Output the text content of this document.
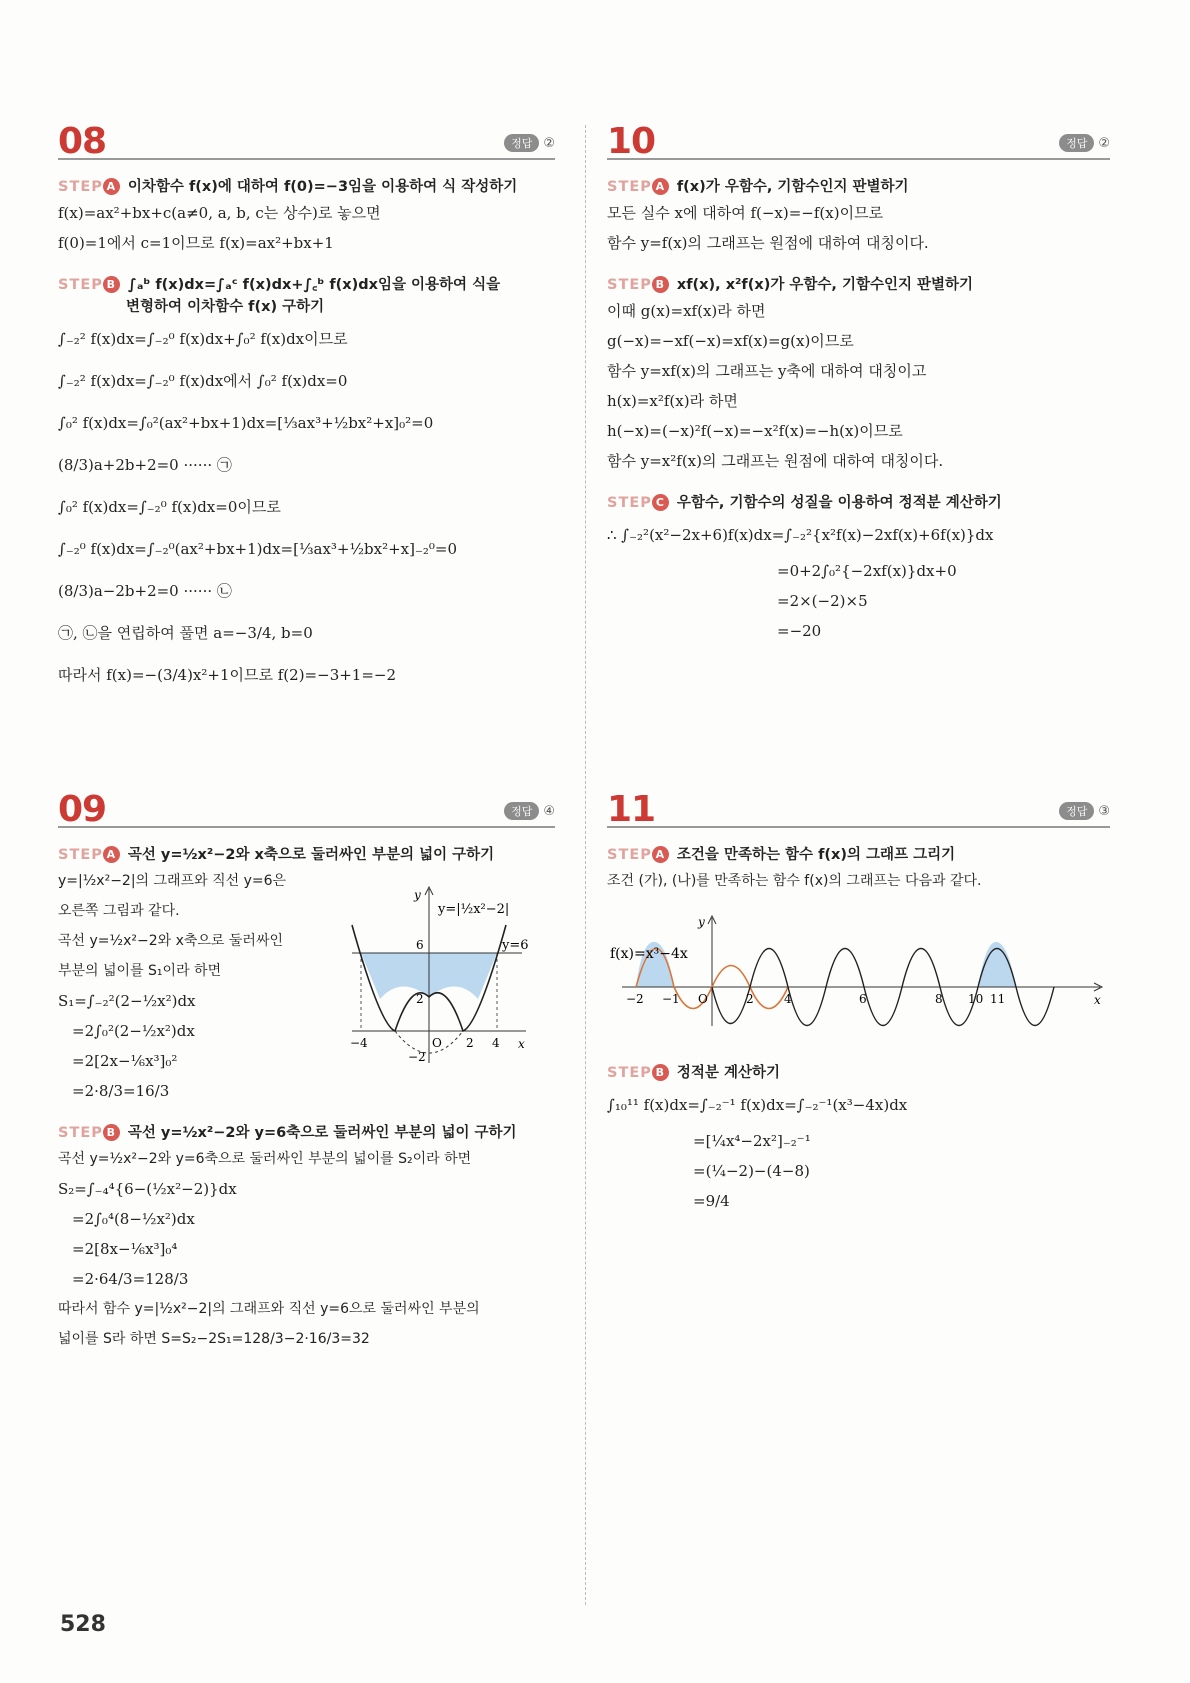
08	정답 ②
STEP A 이차함수 f(x)에 대하여 f(0)=−3임을 이용하여 식 작성하기
f(x)=ax²+bx+c(a≠0, a, b, c는 상수)로 놓으면
f(0)=1에서 c=1이므로 f(x)=ax²+bx+1
STEP B ∫ₐᵇ f(x)dx=∫ₐᶜ f(x)dx+∫꜀ᵇ f(x)dx임을 이용하여 식을
변형하여 이차함수 f(x) 구하기
∫₋₂² f(x)dx=∫₋₂⁰ f(x)dx+∫₀² f(x)dx이므로
∫₋₂² f(x)dx=∫₋₂⁰ f(x)dx에서 ∫₀² f(x)dx=0
∫₀² f(x)dx=∫₀²(ax²+bx+1)dx=[⅓ax³+½bx²+x]₀²=0
(8/3)a+2b+2=0 ······ ㉠
∫₀² f(x)dx=∫₋₂⁰ f(x)dx=0이므로
∫₋₂⁰ f(x)dx=∫₋₂⁰(ax²+bx+1)dx=[⅓ax³+½bx²+x]₋₂⁰=0
(8/3)a−2b+2=0 ······ ㉡
㉠, ㉡을 연립하여 풀면 a=−3/4, b=0
따라서 f(x)=−(3/4)x²+1이므로 f(2)=−3+1=−2
10	정답 ②
STEP A f(x)가 우함수, 기함수인지 판별하기
모든 실수 x에 대하여 f(−x)=−f(x)이므로
함수 y=f(x)의 그래프는 원점에 대하여 대칭이다.
STEP B xf(x), x²f(x)가 우함수, 기함수인지 판별하기
이때 g(x)=xf(x)라 하면
g(−x)=−xf(−x)=xf(x)=g(x)이므로
함수 y=xf(x)의 그래프는 y축에 대하여 대칭이고
h(x)=x²f(x)라 하면
h(−x)=(−x)²f(−x)=−x²f(x)=−h(x)이므로
함수 y=x²f(x)의 그래프는 원점에 대하여 대칭이다.
STEP C 우함수, 기함수의 성질을 이용하여 정적분 계산하기
∴ ∫₋₂²(x²−2x+6)f(x)dx=∫₋₂²{x²f(x)−2xf(x)+6f(x)}dx
=0+2∫₀²{−2xf(x)}dx+0
=2×(−2)×5
=−20
09	정답 ④
STEP A 곡선 y=½x²−2와 x축으로 둘러싸인 부분의 넓이 구하기
y=|½x²−2|의 그래프와 직선 y=6은
오른쪽 그림과 같다.
곡선 y=½x²−2와 x축으로 둘러싸인
부분의 넓이를 S₁이라 하면
S₁=∫₋₂²(2−½x²)dx
=2∫₀²(2−½x²)dx
=2[2x−⅙x³]₀²
=2·8/3=16/3
STEP B 곡선 y=½x²−2와 y=6축으로 둘러싸인 부분의 넓이 구하기
곡선 y=½x²−2와 y=6축으로 둘러싸인 부분의 넓이를 S₂이라 하면
S₂=∫₋₄⁴{6−(½x²−2)}dx
=2∫₀⁴(8−½x²)dx
=2[8x−⅙x³]₀⁴
=2·64/3=128/3
따라서 함수 y=|½x²−2|의 그래프와 직선 y=6으로 둘러싸인 부분의
넓이를 S라 하면 S=S₂−2S₁=128/3−2·16/3=32
y
x
y=|½x²−2|
y=6
−4	O 2 4
2
6
−2
11	정답 ③
STEP A 조건을 만족하는 함수 f(x)의 그래프 그리기
조건 (가), (나)를 만족하는 함수 f(x)의 그래프는 다음과 같다.
STEP B 정적분 계산하기
∫₁₀¹¹ f(x)dx=∫₋₂⁻¹ f(x)dx=∫₋₂⁻¹(x³−4x)dx
=[¼x⁴−2x²]₋₂⁻¹
=(¼−2)−(4−8)
=9/4
f(x)=x³−4x
y
x
−2 −1 O	2	4	6	8 10 11
528
